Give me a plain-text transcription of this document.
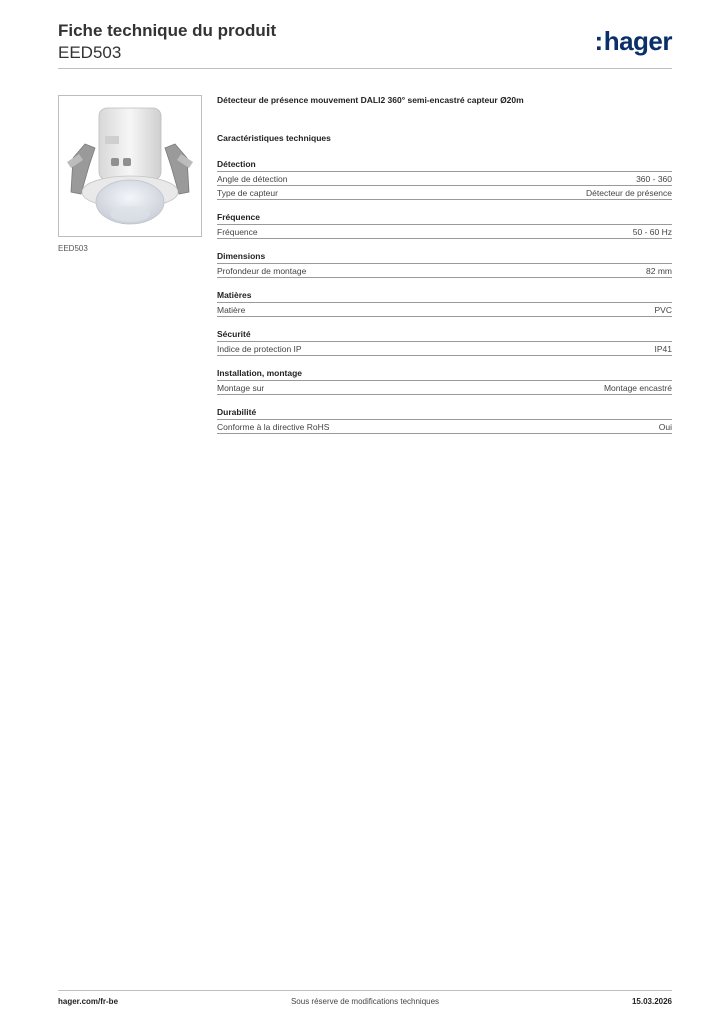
Fiche technique du produit
EED503	:hager
EED503
Détecteur de présence mouvement DALI2 360° semi-encastré capteur Ø20m
Caractéristiques techniques
Détection
Angle de détection	360 - 360
Type de capteur	Détecteur de présence
Fréquence
Fréquence	50 - 60 Hz
Dimensions
Profondeur de montage	82 mm
Matières
Matière	PVC
Sécurité
Indice de protection IP	IP41
Installation, montage
Montage sur	Montage encastré
Durabilité
Conforme à la directive RoHS	Oui
hager.com/fr-be	Sous réserve de modifications techniques	15.03.2026
